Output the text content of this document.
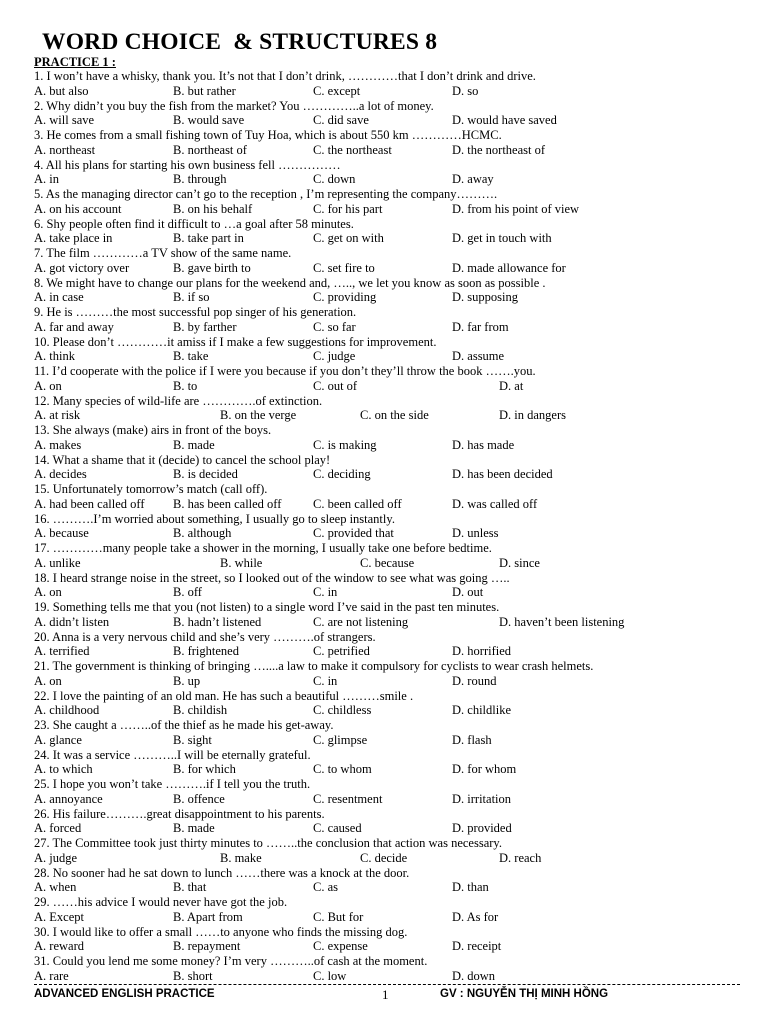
WORD CHOICE  & STRUCTURES 8
PRACTICE 1 :
1. I won’t have a whisky, thank you. It’s not that I don’t drink, …………that I don’t drink and drive.
A. but also	B. but rather	C. except	D. so
2. Why didn’t you buy the fish from the market? You …………..a lot of money.
A. will save	B. would save	C. did save	D. would have saved
3. He comes from a small fishing town of Tuy Hoa, which is about 550 km …………HCMC.
A. northeast	B. northeast of	C. the northeast	D. the northeast of
4. All his plans for starting his own business fell ……………
A. in	B. through	C. down	D. away
5. As the managing director can’t go to the reception , I’m representing the company……….
A. on his account	B. on his behalf	C. for his part	D. from his point of view
6. Shy people often find it difficult to …a goal after 58 minutes.
A. take place in	B. take part in	C. get on with	D. get in touch with
7. The film …………a TV show of the same name.
A. got victory over	B. gave birth to	C. set fire to	D. made allowance for
8. We might have to change our plans for the weekend and, ….., we let you know as soon as possible .
A. in case	B. if so	C. providing	D. supposing
9. He is ………the most successful pop singer of his generation.
A. far and away	B. by farther	C. so far	D. far from
10. Please don’t …………it amiss if I make a few suggestions for improvement.
A. think	B. take	C. judge	D. assume
11. I’d cooperate with the police if I were you because if you don’t they’ll throw the book …….you.
A. on	B. to	C. out of	D. at
12. Many species of wild-life are ………….of extinction.
A. at risk	B. on the verge	C. on the side	D. in dangers
13. She always (make) airs in front of the boys.
A. makes	B. made	C. is making	D. has made
14. What a shame that it (decide) to cancel the school play!
A. decides	B. is decided	C. deciding	D. has been decided
15. Unfortunately tomorrow’s match (call off).
A. had been called off B. has been called off	C. been called off	D. was called off
16. ……….I’m worried about something, I usually go to sleep instantly.
A. because	B. although	C. provided that	D. unless
17. …………many people take a shower in the morning, I usually take one before bedtime.
A. unlike	B. while	C. because	D. since
18. I heard strange noise in the street, so I looked out of the window to see what was going …..
A. on	B. off	C. in	D. out
19. Something tells me that you (not listen) to a single word I’ve said in the past ten minutes.
A. didn’t listen	B. hadn’t listened	C. are not listening	D. haven’t been listening
20. Anna is a very nervous child and she’s very ……….of strangers.
A. terrified	B. frightened	C. petrified	D. horrified
21. The government is thinking of bringing …....a law to make it compulsory for cyclists to wear crash helmets.
A. on	B. up	C. in	D. round
22. I love the painting of an old man. He has such a beautiful ………smile .
A. childhood	B. childish	C. childless	D. childlike
23. She caught a ……..of the thief as he made his get-away.
A. glance	B. sight	C. glimpse	D. flash
24. It was a service ………..I will be eternally grateful.
A. to which	B. for which	C. to whom	D. for whom
25. I hope you won’t take ……….if I tell you the truth.
A. annoyance	B. offence	C. resentment	D. irritation
26. His failure……….great disappointment to his parents.
A. forced	B. made	C. caused	D. provided
27. The Committee took just thirty minutes to ……..the conclusion that action was necessary.
A. judge	B. make	C. decide	D. reach
28. No sooner had he sat down to lunch ……there was a knock at the door.
A. when	B. that	C. as	D. than
29. ……his advice I would never have got the job.
A. Except	B. Apart from	C. But for	D. As for
30. I would like to offer a small ……to anyone who finds the missing dog.
A. reward	B. repayment	C. expense	D. receipt
31. Could you lend me some money? I’m very ………..of cash at the moment.
A. rare	B. short	C. low	D. down
ADVANCED ENGLISH PRACTICE	1	GV : NGUYỄN THỊ MINH HỒNG
